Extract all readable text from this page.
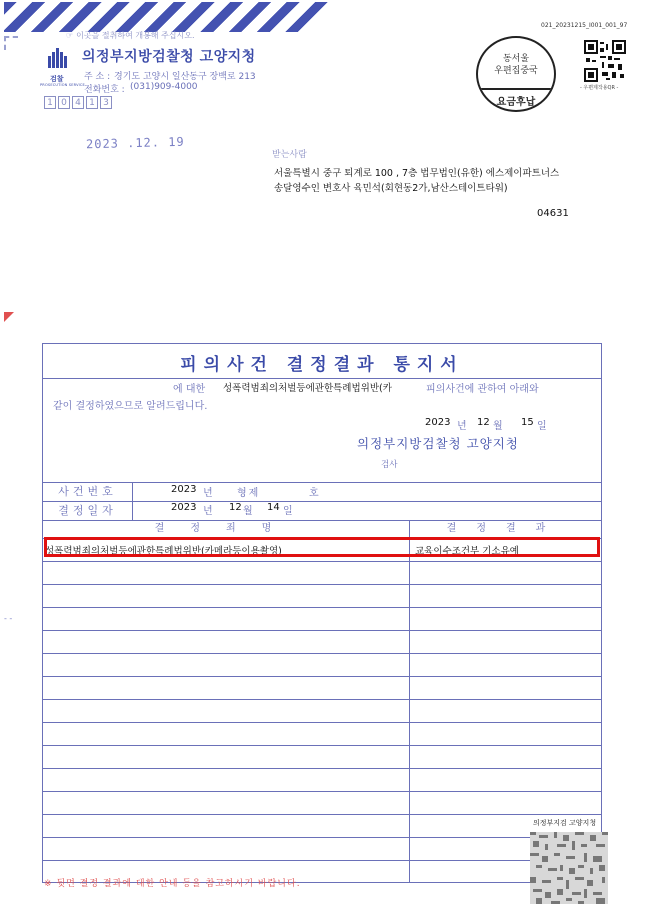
☞ 이곳을 절취하여 개봉해 주십시오.
검찰
PROSECUTION SERVICE
의정부지방검찰청 고양지청
주 소 : 경기도 고양시 일산동구 장백로 213
전화번호 : (031)909-4000
1 0 4 1 3
2023 .12. 19
동서울
우편집중국
요금후납
021_20231215_I001_001_97
- 우편제작용QR -
받는사람
서울특별시 중구 퇴계로 100 , 7층 법무법인(유한) 에스제이파트너스
송달영수인 변호사 육민석(회현동2가,남산스테이트타워)
04631
- -
피의사건 결정결과 통지서
에 대한 성폭력범죄의처벌등에관한특례법위반(카	피의사건에 관하여 아래와
같이 결정하였으므로 알려드립니다.
2023 년 12 월 15 일
의정부지방검찰청 고양지청
검사
사건번호	2023 년 형제	호
결정일자	2023 년 12 월 14 일
결정죄명	결정결과
성폭력범죄의처벌등에관한특례법위반(카메라등이용촬영)	교육이수조건부 기소유예
※ 뒷면 결정 결과에 대한 안내 등을 참고하시기 바랍니다.
의정부지검 고양지청
